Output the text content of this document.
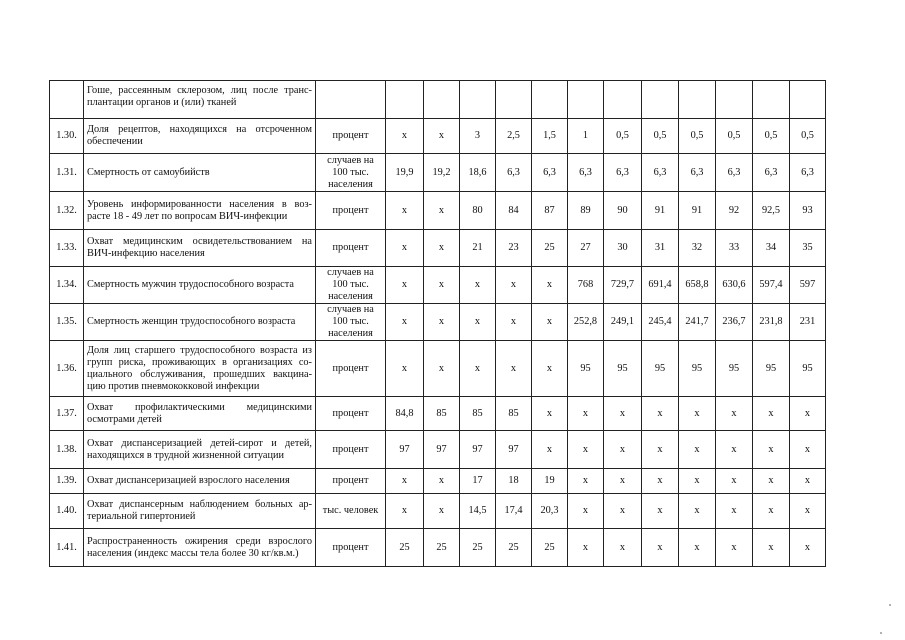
	Гоше, рассеянным склерозом, лиц после транс-плантации органов и (или) тканей													
1.30.	Доля рецептов, находящихся на отсроченном обеспечении	процент	x	x	3	2,5	1,5	1	0,5	0,5	0,5	0,5	0,5	0,5
1.31.	Смертность от самоубийств	случаев на 100 тыс. населения	19,9	19,2	18,6	6,3	6,3	6,3	6,3	6,3	6,3	6,3	6,3	6,3
1.32.	Уровень информированности населения в воз-расте 18 - 49 лет по вопросам ВИЧ-инфекции	процент	x	x	80	84	87	89	90	91	91	92	92,5	93
1.33.	Охват медицинским освидетельствованием на ВИЧ-инфекцию населения	процент	x	x	21	23	25	27	30	31	32	33	34	35
1.34.	Смертность мужчин трудоспособного возраста	случаев на 100 тыс. населения	x	x	x	x	x	768	729,7	691,4	658,8	630,6	597,4	597
1.35.	Смертность женщин трудоспособного возраста	случаев на 100 тыс. населения	x	x	x	x	x	252,8	249,1	245,4	241,7	236,7	231,8	231
1.36.	Доля лиц старшего трудоспособного возраста из групп риска, проживающих в организациях со-циального обслуживания, прошедших вакцина-цию против пневмококковой инфекции	процент	x	x	x	x	x	95	95	95	95	95	95	95
1.37.	Охват профилактическими медицинскими осмотрами детей	процент	84,8	85	85	85	x	x	x	x	x	x	x	x
1.38.	Охват диспансеризацией детей-сирот и детей, находящихся в трудной жизненной ситуации	процент	97	97	97	97	x	x	x	x	x	x	x	x
1.39.	Охват диспансеризацией взрослого населения	процент	x	x	17	18	19	x	x	x	x	x	x	x
1.40.	Охват диспансерным наблюдением больных ар-териальной гипертонией	тыс. человек	x	x	14,5	17,4	20,3	x	x	x	x	x	x	x
1.41.	Распространенность ожирения среди взрослого населения (индекс массы тела более 30 кг/кв.м.)	процент	25	25	25	25	25	x	x	x	x	x	x	x
